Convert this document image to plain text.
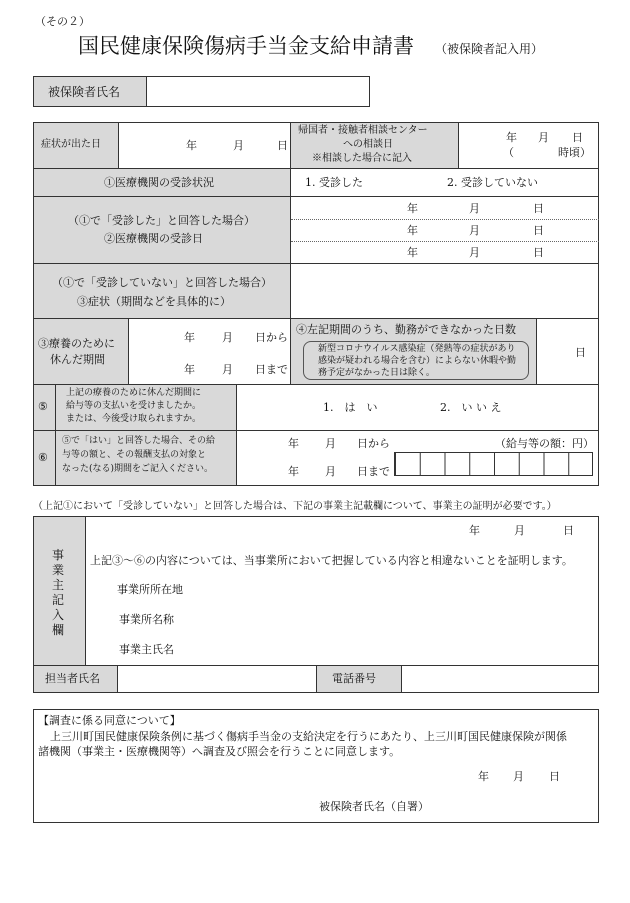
（その２）
国民健康保険傷病手当金支給申請書 （被保険者記入用）
被保険者氏名
症状が出た日	年	月	日
帰国者・接触者相談センター
への相談日
※相談した場合に記入
年 月 日
（	時頃）
①医療機関の受診状況	1. 受診した	2. 受診していない
（①で「受診した」と回答した場合）
②医療機関の受診日
年	月	日
年	月	日
年	月	日
（①で「受診していない」と回答した場合）
③症状（期間などを具体的に）
③療養のために
休んだ期間
年 月 日から
年 月 日まで
④左記期間のうち、勤務ができなかった日数
新型コロナウイルス感染症（発熱等の症状があり
感染が疑われる場合を含む）によらない休暇や勤
務予定がなかった日は除く。
日
⑤
上記の療養のために休んだ期間に
給与等の支払いを受けましたか。
または、今後受け取られますか。
1.　は　い	2.　い い え
⑥
⑤で「はい」と回答した場合、その給
与等の額と、その報酬支払の対象と
なった(なる)期間をご記入ください。
年 月 日から
年 月 日まで
（給与等の額：円）
（上記①において「受診していない」と回答した場合は、下記の事業主記載欄について、事業主の証明が必要です。）
事業主記入欄
年	月	日
上記③～⑥の内容については、当事業所において把握している内容と相違ないことを証明します。
事業所所在地
事業所名称
事業主氏名
担当者氏名	電話番号
【調査に係る同意について】
上三川町国民健康保険条例に基づく傷病手当金の支給決定を行うにあたり、上三川町国民健康保険が関係
諸機関（事業主・医療機関等）へ調査及び照会を行うことに同意します。
年 月 日
被保険者氏名（自署）
